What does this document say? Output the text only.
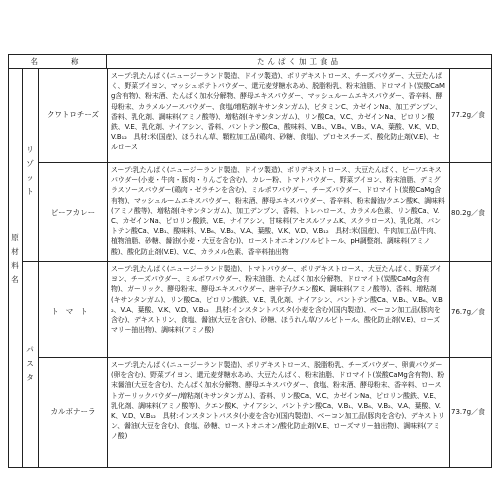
名　　称	たんぱく加工食品
原材料名
リゾット
パスタ
クワトロチーズ
ビーフカレー
トマト
カルボナーラ
スープ:乳たんぱく(ニュージーランド製造、ドイツ製造)、ポリデキストロース、チーズパウダー、大豆たんぱく、野菜ブイヨン、マッシュポテトパウダー、還元麦芽糖水あめ、脱脂粉乳、粉末油脂、ドロマイト(炭酸CaMg含有物)、粉末酒、たんぱく加水分解物、酵母エキスパウダー、マッシュルームエキスパウダー、香辛料、酵母粉末、カラメルソースパウダー、食塩/増粘剤(キサンタンガム)、ビタミンC、カゼインNa、加工デンプン、香料、乳化剤、調味料(アミノ酸等)、増粘剤(キサンタンガム)、リン酸Ca、V.C、カゼインNa、ピロリン酸鉄、V.E、乳化剤、ナイアシン、香料、パントテン酸Ca、酸味料、V.B₁、V.B₆、V.B₂、V.A、葉酸、V.K、V.D、V.B₁₂　具材:米(国産)、ほうれん草、顆粒加工品(鶏肉、砂糖、食塩)、プロセスチーズ、酸化防止剤(V.E)、セルロース
スープ:乳たんぱく(ニュージーランド製造、ドイツ製造)、ポリデキストロース、大豆たんぱく、ビーフエキスパウダー(小麦・牛肉・豚肉・りんごを含む)、カレー粉、トマトパウダー、野菜ブイヨン、粉末油脂、デミグラスソースパウダー(鶏肉・ゼラチンを含む)、ミルポワパウダー、チーズパウダー、ドロマイト(炭酸CaMg含有物)、マッシュルームエキスパウダー、粉末酒、酵母エキスパウダー、香辛料、粉末醤油/クエン酸K、調味料(アミノ酸等)、増粘剤(キサンタンガム)、加工デンプン、香料、トレハロース、カラメル色素、リン酸Ca、V.C、カゼインNa、ピロリン酸鉄、V.E、ナイアシン、甘味料(アセスルファムK、スクラロース)、乳化剤、パントテン酸Ca、V.B₁、酸味料、V.B₆、V.B₂、V.A、葉酸、V.K、V.D、V.B₁₂　具材:米(国産)、牛肉加工品(牛肉、植物油脂、砂糖、醤油(小麦・大豆を含む))、ローストオニオン/ソルビトール、pH調整剤、調味料(アミノ酸)、酸化防止剤(V.E)、V.C、カラメル色素、香辛料抽出物
スープ:乳たんぱく(ニュージーランド製造)、トマトパウダー、ポリデキストロース、大豆たんぱく、野菜ブイヨン、チーズパウダー、ミルポワパウダー、粉末油脂、たんぱく加水分解物、ドロマイト(炭酸CaMg含有物)、ガーリック、酵母粉末、酵母エキスパウダー、唐辛子/クエン酸K、調味料(アミノ酸等)、香料、増粘剤(キサンタンガム)、リン酸Ca、ピロリン酸鉄、V.E、乳化剤、ナイアシン、パントテン酸Ca、V.B₁、V.B₆、V.B₂、V.A、葉酸、V.K、V.D、V.B₁₂　具材:インスタントパスタ(小麦を含む)(国内製造)、ベーコン加工品(豚肉を含む)、デキストリン、食塩、醤油(大豆を含む)、砂糖、ほうれん草/ソルビトール、酸化防止剤(V.E)、ローズマリー抽出物)、調味料(アミノ酸)
スープ:乳たんぱく(ニュージーランド製造)、ポリデキストロース、脱脂粉乳、チーズパウダー、卵黄パウダー(卵を含む)、野菜ブイヨン、還元麦芽糖水あめ、大豆たんぱく、粉末油脂、ドロマイト(炭酸CaMg含有物)、粉末醤油(大豆を含む)、たんぱく加水分解物、酵母エキスパウダー、食塩、粉末酒、酵母粉末、香辛料、ローストガーリックパウダー/増粘剤(キサンタンガム)、香料、リン酸Ca、V.C、カゼインNa、ピロリン酸鉄、V.E、乳化剤、調味料(アミノ酸等)、クエン酸K、ナイアシン、パントテン酸Ca、V.B₁、V.B₆、V.B₂、V.A、葉酸、V.K、V.D、V.B₁₂　具材:インスタントパスタ(小麦を含む)(国内製造)、ベーコン加工品(豚肉を含む)、デキストリン、醤油(大豆を含む)、食塩、砂糖、ローストオニオン/酸化防止剤(V.E、ローズマリー抽出物)、調味料(アミノ酸)
77.2g／食
80.2g／食
76.7g／食
73.7g／食
